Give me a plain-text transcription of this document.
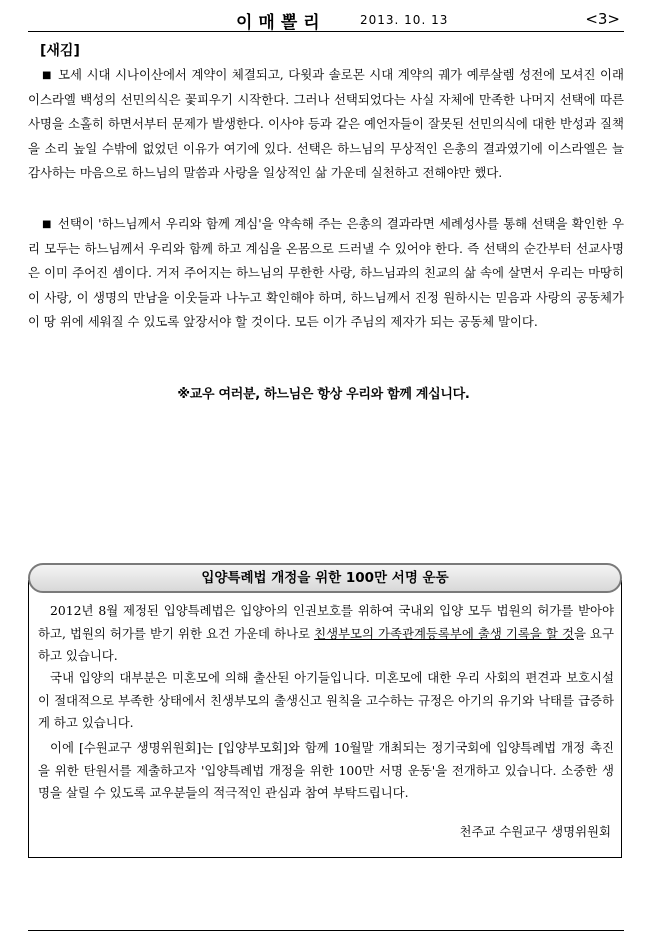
이매뽈리	2013. 10. 13	<3>
[새김]
■ 모세 시대 시나이산에서 계약이 체결되고, 다윗과 솔로몬 시대 계약의 궤가 예루살렘 성전에 모셔진 이래 이스라엘 백성의 선민의식은 꽃피우기 시작한다. 그러나 선택되었다는 사실 자체에 만족한 나머지 선택에 따른 사명을 소홀히 하면서부터 문제가 발생한다. 이사야 등과 같은 예언자들이 잘못된 선민의식에 대한 반성과 질책을 소리 높일 수밖에 없었던 이유가 여기에 있다. 선택은 하느님의 무상적인 은총의 결과였기에 이스라엘은 늘 감사하는 마음으로 하느님의 말씀과 사랑을 일상적인 삶 가운데 실천하고 전해야만 했다.
■ 선택이 '하느님께서 우리와 함께 계심'을 약속해 주는 은총의 결과라면 세례성사를 통해 선택을 확인한 우리 모두는 하느님께서 우리와 함께 하고 계심을 온몸으로 드러낼 수 있어야 한다. 즉 선택의 순간부터 선교사명은 이미 주어진 셈이다. 거저 주어지는 하느님의 무한한 사랑, 하느님과의 친교의 삶 속에 살면서 우리는 마땅히 이 사랑, 이 생명의 만남을 이웃들과 나누고 확인해야 하며, 하느님께서 진정 원하시는 믿음과 사랑의 공동체가 이 땅 위에 세워질 수 있도록 앞장서야 할 것이다. 모든 이가 주님의 제자가 되는 공동체 말이다.
※교우 여러분, 하느님은 항상 우리와 함께 계십니다.
입양특례법 개정을 위한 100만 서명 운동
2012년 8월 제정된 입양특례법은 입양아의 인권보호를 위하여 국내외 입양 모두 법원의 허가를 받아야 하고, 법원의 허가를 받기 위한 요건 가운데 하나로 친생부모의 가족관계등록부에 출생 기록을 할 것을 요구하고 있습니다.
국내 입양의 대부분은 미혼모에 의해 출산된 아기들입니다. 미혼모에 대한 우리 사회의 편견과 보호시설이 절대적으로 부족한 상태에서 친생부모의 출생신고 원칙을 고수하는 규정은 아기의 유기와 낙태를 급증하게 하고 있습니다.
이에 [수원교구 생명위원회]는 [입양부모회]와 함께 10월말 개최되는 정기국회에 입양특례법 개정 촉진을 위한 탄원서를 제출하고자 '입양특례법 개정을 위한 100만 서명 운동'을 전개하고 있습니다. 소중한 생명을 살릴 수 있도록 교우분들의 적극적인 관심과 참여 부탁드립니다.
천주교 수원교구 생명위원회
